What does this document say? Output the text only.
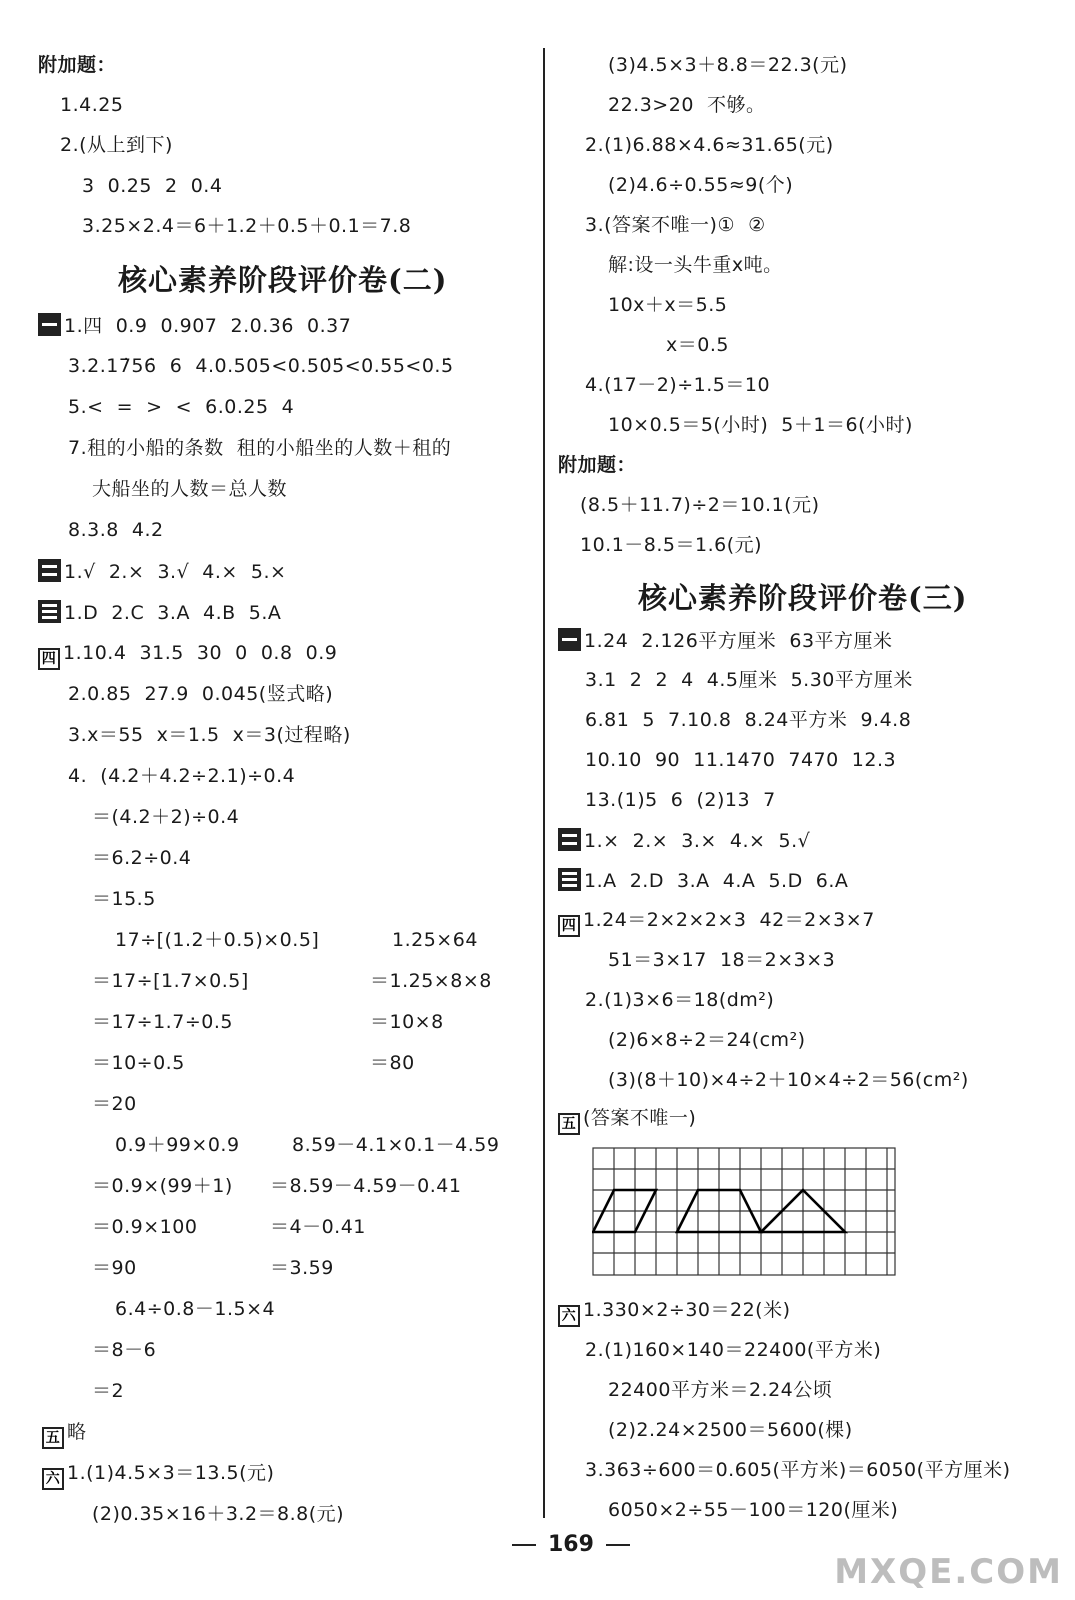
附加题：
1.4.25
2.(从上到下)
3  0.25  2  0.4
3.25×2.4＝6＋1.2＋0.5＋0.1＝7.8
核心素养阶段评价卷(二)
1.四  0.9  0.907  2.0.36̇  0.37
3.2.17̇56̇  6  4.0.505<0.50̇5̇<0.55<0.5̇
5.<  =  >  <  6.0.25  4
7.租的小船的条数  租的小船坐的人数＋租的
大船坐的人数＝总人数
8.3.8  4.2
1.√  2.×  3.√  4.×  5.×
1.D  2.C  3.A  4.B  5.A
四 1.10.4  31.5  30  0  0.8  0.9
2.0.85  27.9  0.045(竖式略)
3.x＝55  x＝1.5  x＝3(过程略)
4.  (4.2＋4.2÷2.1)÷0.4
＝(4.2＋2)÷0.4
＝6.2÷0.4
＝15.5
17÷[(1.2＋0.5)×0.5]	1.25×64
＝17÷[1.7×0.5]	＝1.25×8×8
＝17÷1.7÷0.5	＝10×8
＝10÷0.5	＝80
＝20
0.9＋99×0.9	8.59－4.1×0.1－4.59
＝0.9×(99＋1) ＝8.59－4.59－0.41
＝0.9×100	＝4－0.41
＝90	＝3.59
6.4÷0.8－1.5×4
＝8－6
＝2
五 略
六 1.(1)4.5×3＝13.5(元)
(2)0.35×16＋3.2＝8.8(元)
(3)4.5×3＋8.8＝22.3(元)
22.3>20  不够。
2.(1)6.88×4.6≈31.65(元)
(2)4.6÷0.55≈9(个)
3.(答案不唯一)①  ②
解:设一头牛重x吨。
10x＋x＝5.5
x＝0.5
4.(17－2)÷1.5＝10
10×0.5＝5(小时)  5＋1＝6(小时)
附加题：
(8.5＋11.7)÷2＝10.1(元)
10.1－8.5＝1.6(元)
核心素养阶段评价卷(三)
1.24  2.126平方厘米  63平方厘米
3.1  2  2  4  4.5厘米  5.30平方厘米
6.81  5  7.10.8  8.24平方米  9.4.8
10.10  90  11.1470  7470  12.3
13.(1)5  6  (2)13  7
1.×  2.×  3.×  4.×  5.√
1.A  2.D  3.A  4.A  5.D  6.A
四 1.24＝2×2×2×3  42＝2×3×7
51＝3×17  18＝2×3×3
2.(1)3×6＝18(dm²)
(2)6×8÷2＝24(cm²)
(3)(8＋10)×4÷2＋10×4÷2＝56(cm²)
五 (答案不唯一)
六 1.330×2÷30＝22(米)
2.(1)160×140＝22400(平方米)
22400平方米＝2.24公顷
(2)2.24×2500＝5600(棵)
3.363÷600＝0.605(平方米)＝6050(平方厘米)
6050×2÷55－100＝120(厘米)
169
MXQE.COM
